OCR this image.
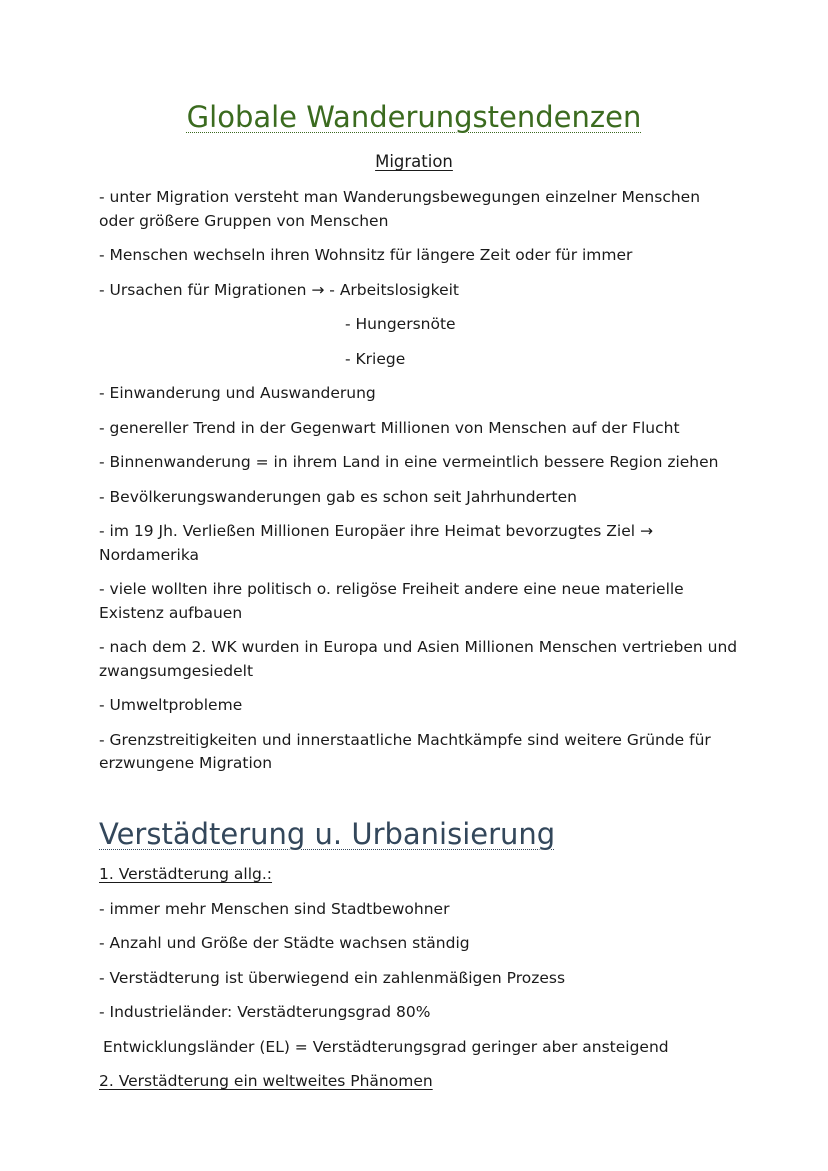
Globale Wanderungstendenzen
Migration

- unter Migration versteht man Wanderungsbewegungen einzelner Menschen oder größere Gruppen von Menschen

- Menschen wechseln ihren Wohnsitz für längere Zeit oder für immer

- Ursachen für Migrationen → - Arbeitslosigkeit

- Hungersnöte

- Kriege

- Einwanderung und Auswanderung

- genereller Trend in der Gegenwart Millionen von Menschen auf der Flucht

- Binnenwanderung = in ihrem Land in eine vermeintlich bessere Region ziehen

- Bevölkerungswanderungen gab es schon seit Jahrhunderten

- im 19 Jh. Verließen Millionen Europäer ihre Heimat bevorzugtes Ziel → Nordamerika

- viele wollten ihre politisch o. religöse Freiheit andere eine neue materielle Existenz aufbauen

- nach dem 2. WK wurden in Europa und Asien Millionen Menschen vertrieben und zwangsumgesiedelt

- Umweltprobleme

- Grenzstreitigkeiten und innerstaatliche Machtkämpfe sind weitere Gründe für erzwungene Migration

Verstädterung u. Urbanisierung

1. Verstädterung allg.:

- immer mehr Menschen sind Stadtbewohner

- Anzahl und Größe der Städte wachsen ständig

- Verstädterung ist überwiegend ein zahlenmäßigen Prozess

- Industrieländer: Verstädterungsgrad 80%

Entwicklungsländer (EL) = Verstädterungsgrad geringer aber ansteigend

2. Verstädterung ein weltweites Phänomen
